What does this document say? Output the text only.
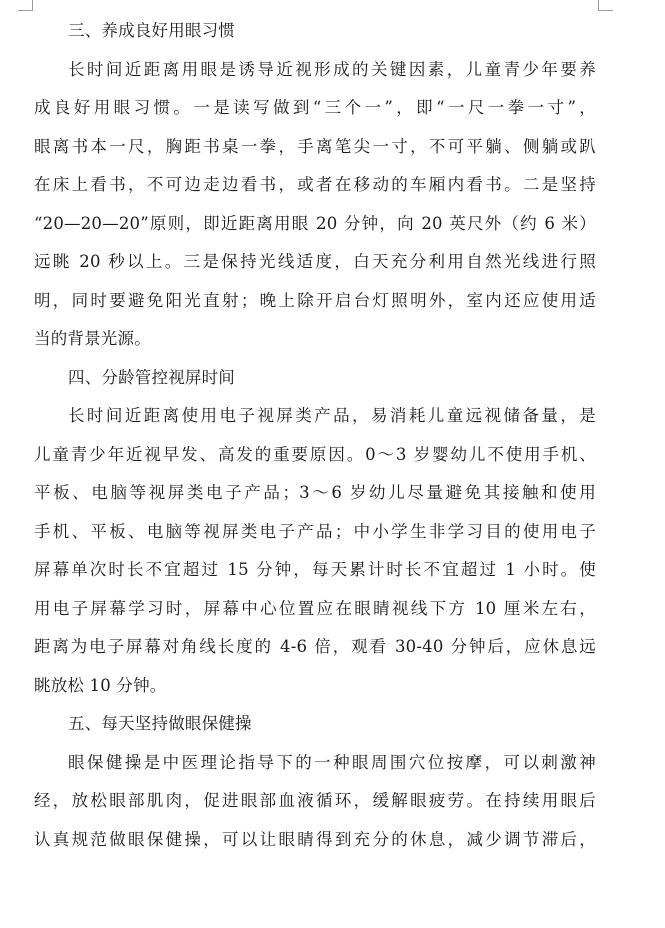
三、养成良好用眼习惯
长时间近距离用眼是诱导近视形成的关键因素，儿童青少年要养
成良好用眼习惯。一是读写做到“三个一”，即“一尺一拳一寸”，
眼离书本一尺，胸距书桌一拳，手离笔尖一寸，不可平躺、侧躺或趴
在床上看书，不可边走边看书，或者在移动的车厢内看书。二是坚持
“20—20—20”原则，即近距离用眼 20 分钟，向 20 英尺外（约 6 米）
远眺 20 秒以上。三是保持光线适度，白天充分利用自然光线进行照
明，同时要避免阳光直射；晚上除开启台灯照明外，室内还应使用适
当的背景光源。
四、分龄管控视屏时间
长时间近距离使用电子视屏类产品，易消耗儿童远视储备量，是
儿童青少年近视早发、高发的重要原因。0～3 岁婴幼儿不使用手机、
平板、电脑等视屏类电子产品；3～6 岁幼儿尽量避免其接触和使用
手机、平板、电脑等视屏类电子产品；中小学生非学习目的使用电子
屏幕单次时长不宜超过 15 分钟，每天累计时长不宜超过 1 小时。使
用电子屏幕学习时，屏幕中心位置应在眼睛视线下方 10 厘米左右，
距离为电子屏幕对角线长度的 4-6 倍，观看 30-40 分钟后，应休息远
眺放松 10 分钟。
五、每天坚持做眼保健操
眼保健操是中医理论指导下的一种眼周围穴位按摩，可以刺激神
经，放松眼部肌肉，促进眼部血液循环，缓解眼疲劳。在持续用眼后
认真规范做眼保健操，可以让眼睛得到充分的休息，减少调节滞后，
